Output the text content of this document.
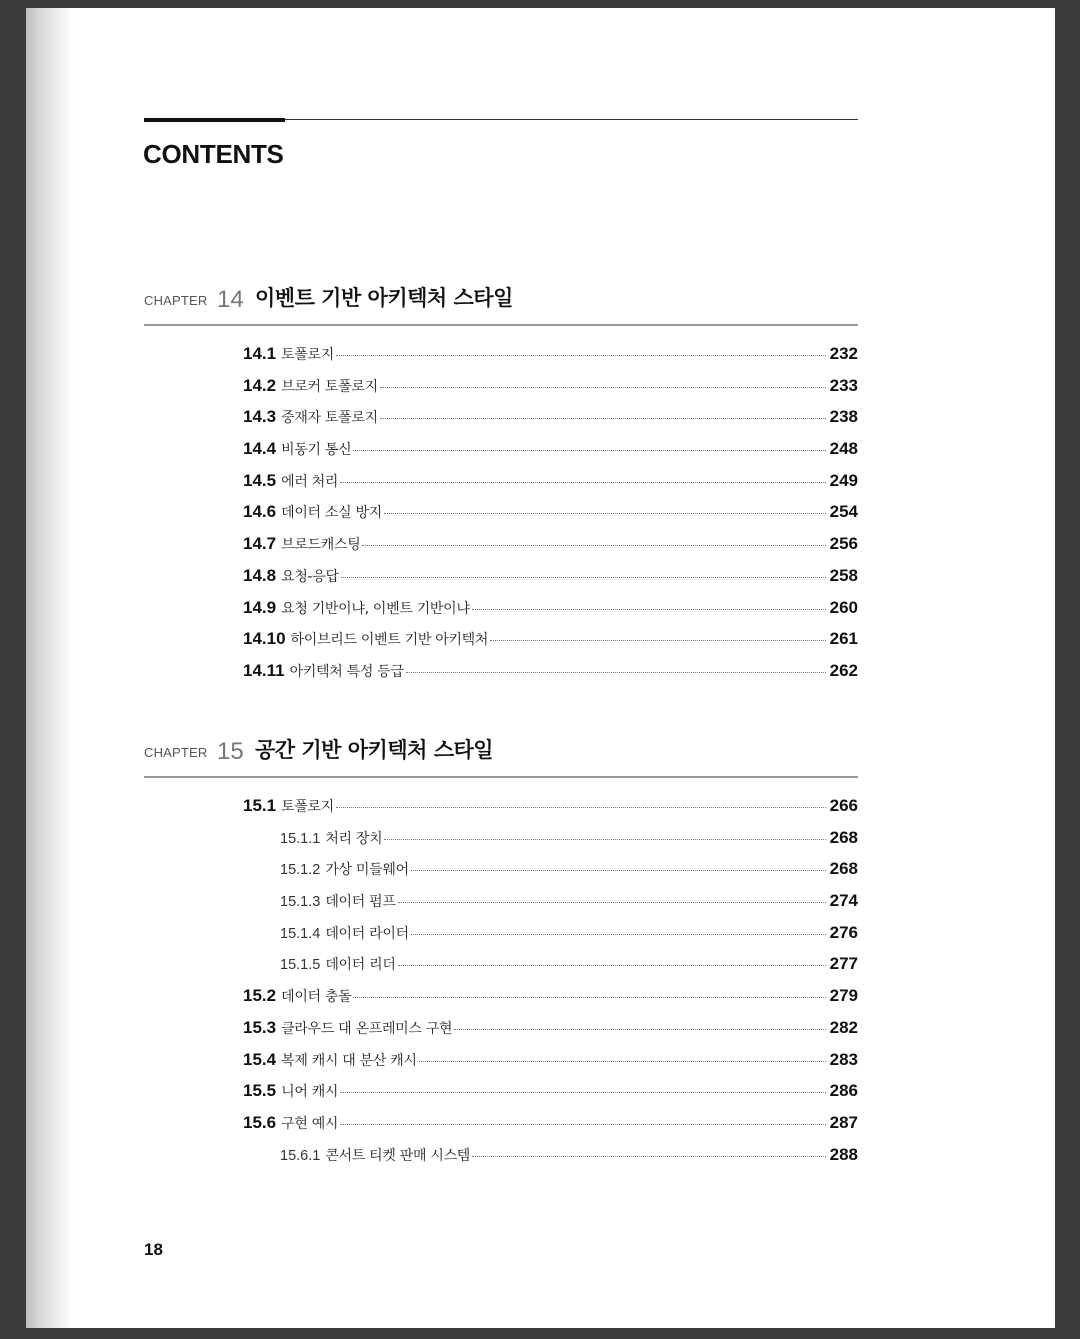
CONTENTS
CHAPTER 14 이벤트 기반 아키텍처 스타일
14.1 토폴로지	232
14.2 브로커 토폴로지	233
14.3 중재자 토폴로지	238
14.4 비동기 통신	248
14.5 에러 처리	249
14.6 데이터 소실 방지	254
14.7 브로드캐스팅	256
14.8 요청-응답	258
14.9 요청 기반이냐, 이벤트 기반이냐	260
14.10 하이브리드 이벤트 기반 아키텍처	261
14.11 아키텍처 특성 등급	262
CHAPTER 15 공간 기반 아키텍처 스타일
15.1 토폴로지	266
15.1.1 처리 장치	268
15.1.2 가상 미들웨어	268
15.1.3 데이터 펌프	274
15.1.4 데이터 라이터	276
15.1.5 데이터 리더	277
15.2 데이터 충돌	279
15.3 클라우드 대 온프레미스 구현	282
15.4 복제 캐시 대 분산 캐시	283
15.5 니어 캐시	286
15.6 구현 예시	287
15.6.1 콘서트 티켓 판매 시스템	288
18
